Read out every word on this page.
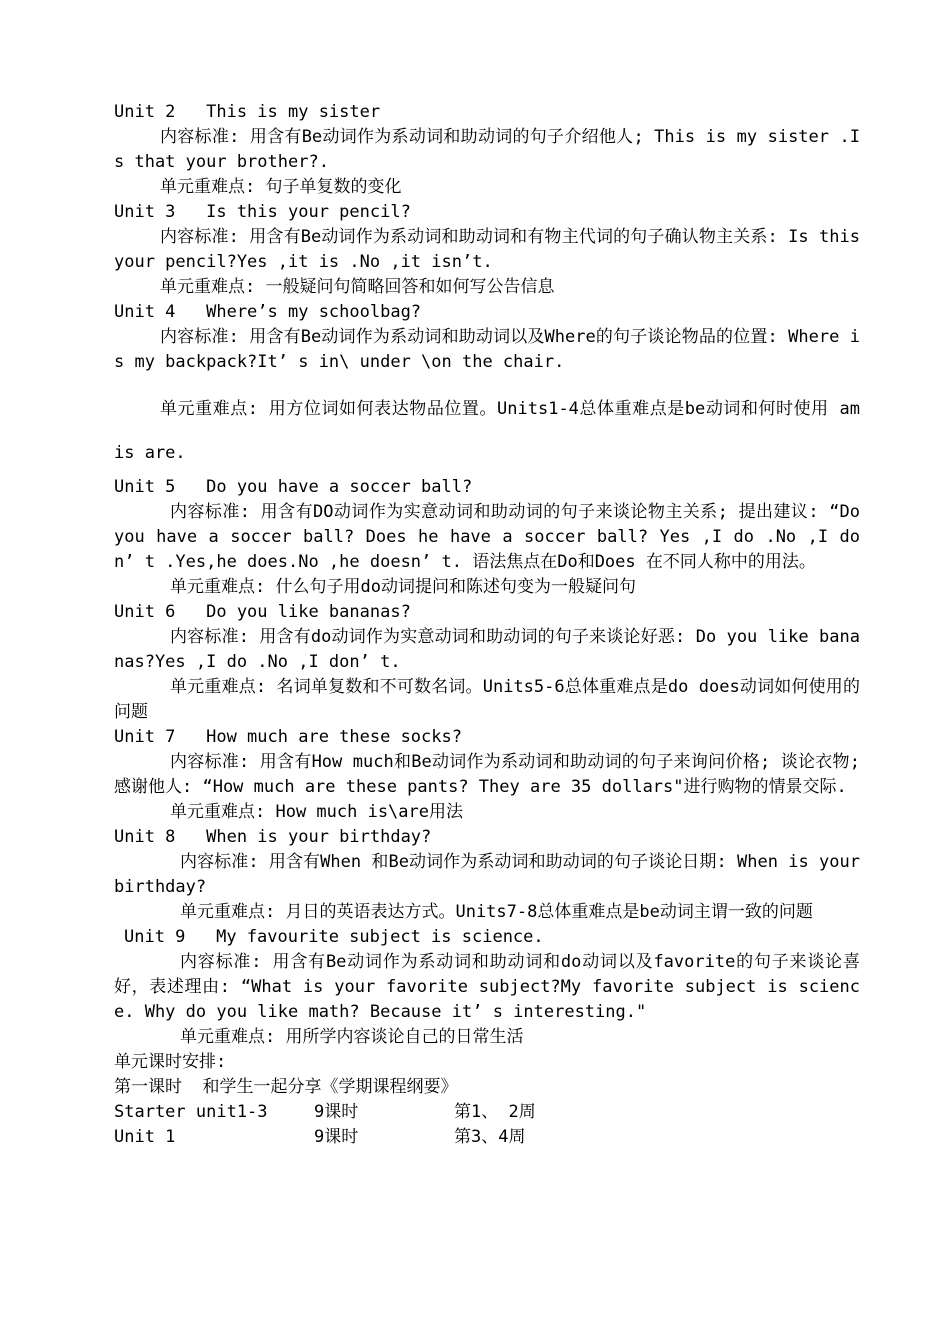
Unit 2   This is my sister

内容标准: 用含有Be动词作为系动词和助动词的句子介绍他人; This is my sister .Is that your brother?.

单元重难点: 句子单复数的变化

Unit 3   Is this your pencil?

内容标准: 用含有Be动词作为系动词和助动词和有物主代词的句子确认物主关系: Is this your pencil?Yes ,it is .No ,it isn’t.

单元重难点: 一般疑问句简略回答和如何写公告信息

Unit 4   Where’s my schoolbag?

内容标准: 用含有Be动词作为系动词和助动词以及Where的句子谈论物品的位置: Where is my backpack?It’ s in\ under \on the chair.

单元重难点: 用方位词如何表达物品位置。Units1-4总体重难点是be动词和何时使用 am is are.

Unit 5   Do you have a soccer ball?

内容标准: 用含有DO动词作为实意动词和助动词的句子来谈论物主关系; 提出建议: “Do you have a soccer ball? Does he have a soccer ball? Yes ,I do .No ,I don’ t .Yes,he does.No ,he doesn’ t. 语法焦点在Do和Does 在不同人称中的用法。

单元重难点: 什么句子用do动词提问和陈述句变为一般疑问句

Unit 6   Do you like bananas?

内容标准: 用含有do动词作为实意动词和助动词的句子来谈论好恶: Do you like bananas?Yes ,I do .No ,I don’ t.

单元重难点: 名词单复数和不可数名词。Units5-6总体重难点是do does动词如何使用的问题

Unit 7   How much are these socks?

内容标准: 用含有How much和Be动词作为系动词和助动词的句子来询问价格; 谈论衣物; 感谢他人: “How much are these pants? They are 35 dollars"进行购物的情景交际.

单元重难点: How much is\are用法

Unit 8   When is your birthday?

内容标准: 用含有When 和Be动词作为系动词和助动词的句子谈论日期: When is your birthday?

单元重难点: 月日的英语表达方式。Units7-8总体重难点是be动词主谓一致的问题

Unit 9   My favourite subject is science.

内容标准: 用含有Be动词作为系动词和助动词和do动词以及favorite的句子来谈论喜好，表述理由: “What is your favorite subject?My favorite subject is science. Why do you like math? Because it’ s interesting."

单元重难点: 用所学内容谈论自己的日常生活

单元课时安排:

第一课时  和学生一起分享《学期课程纲要》

Starter unit1-3	9课时	第1、 2周
Unit 1	9课时	第3、4周
